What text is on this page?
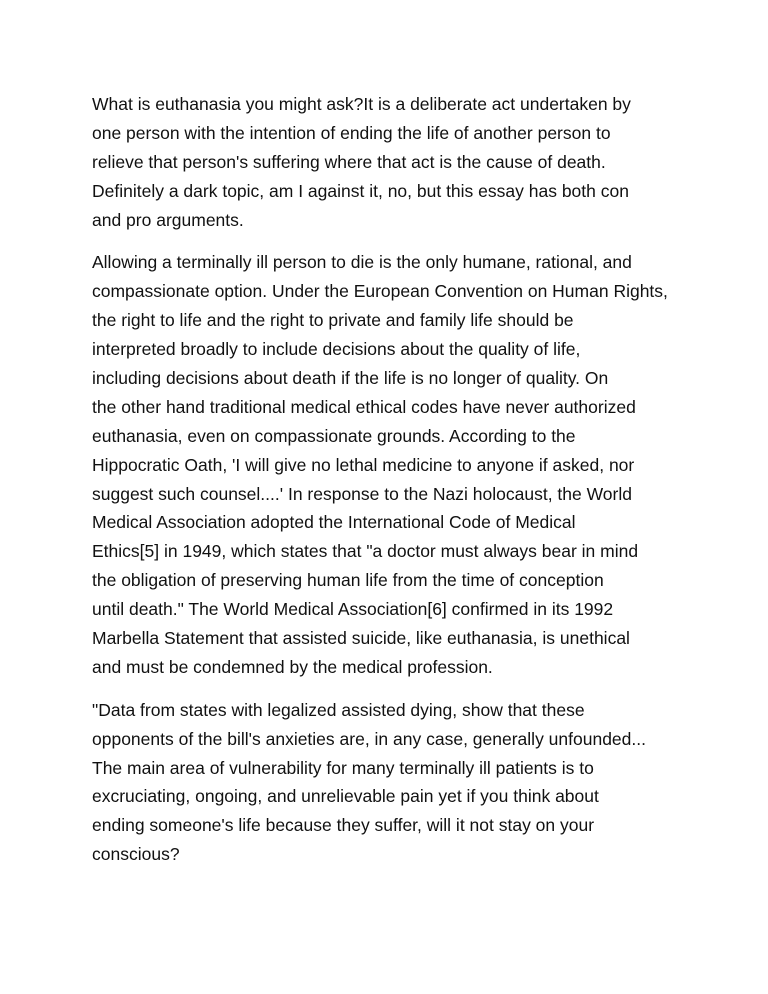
What is euthanasia you might ask?It is a deliberate act undertaken by
one person with the intention of ending the life of another person to
relieve that person's suffering where that act is the cause of death.
Definitely a dark topic, am I against it, no, but this essay has both con
and pro arguments.
Allowing a terminally ill person to die is the only humane, rational, and
compassionate option. Under the European Convention on Human Rights,
the right to life and the right to private and family life should be
interpreted broadly to include decisions about the quality of life,
including decisions about death if the life is no longer of quality. On
the other hand traditional medical ethical codes have never authorized
euthanasia, even on compassionate grounds. According to the
Hippocratic Oath, 'I will give no lethal medicine to anyone if asked, nor
suggest such counsel....' In response to the Nazi holocaust, the World
Medical Association adopted the International Code of Medical
Ethics[5] in 1949, which states that "a doctor must always bear in mind
the obligation of preserving human life from the time of conception
until death." The World Medical Association[6] confirmed in its 1992
Marbella Statement that assisted suicide, like euthanasia, is unethical
and must be condemned by the medical profession.
"Data from states with legalized assisted dying, show that these
opponents of the bill's anxieties are, in any case, generally unfounded...
The main area of vulnerability for many terminally ill patients is to
excruciating, ongoing, and unrelievable pain yet if you think about
ending someone's life because they suffer, will it not stay on your
conscious?
